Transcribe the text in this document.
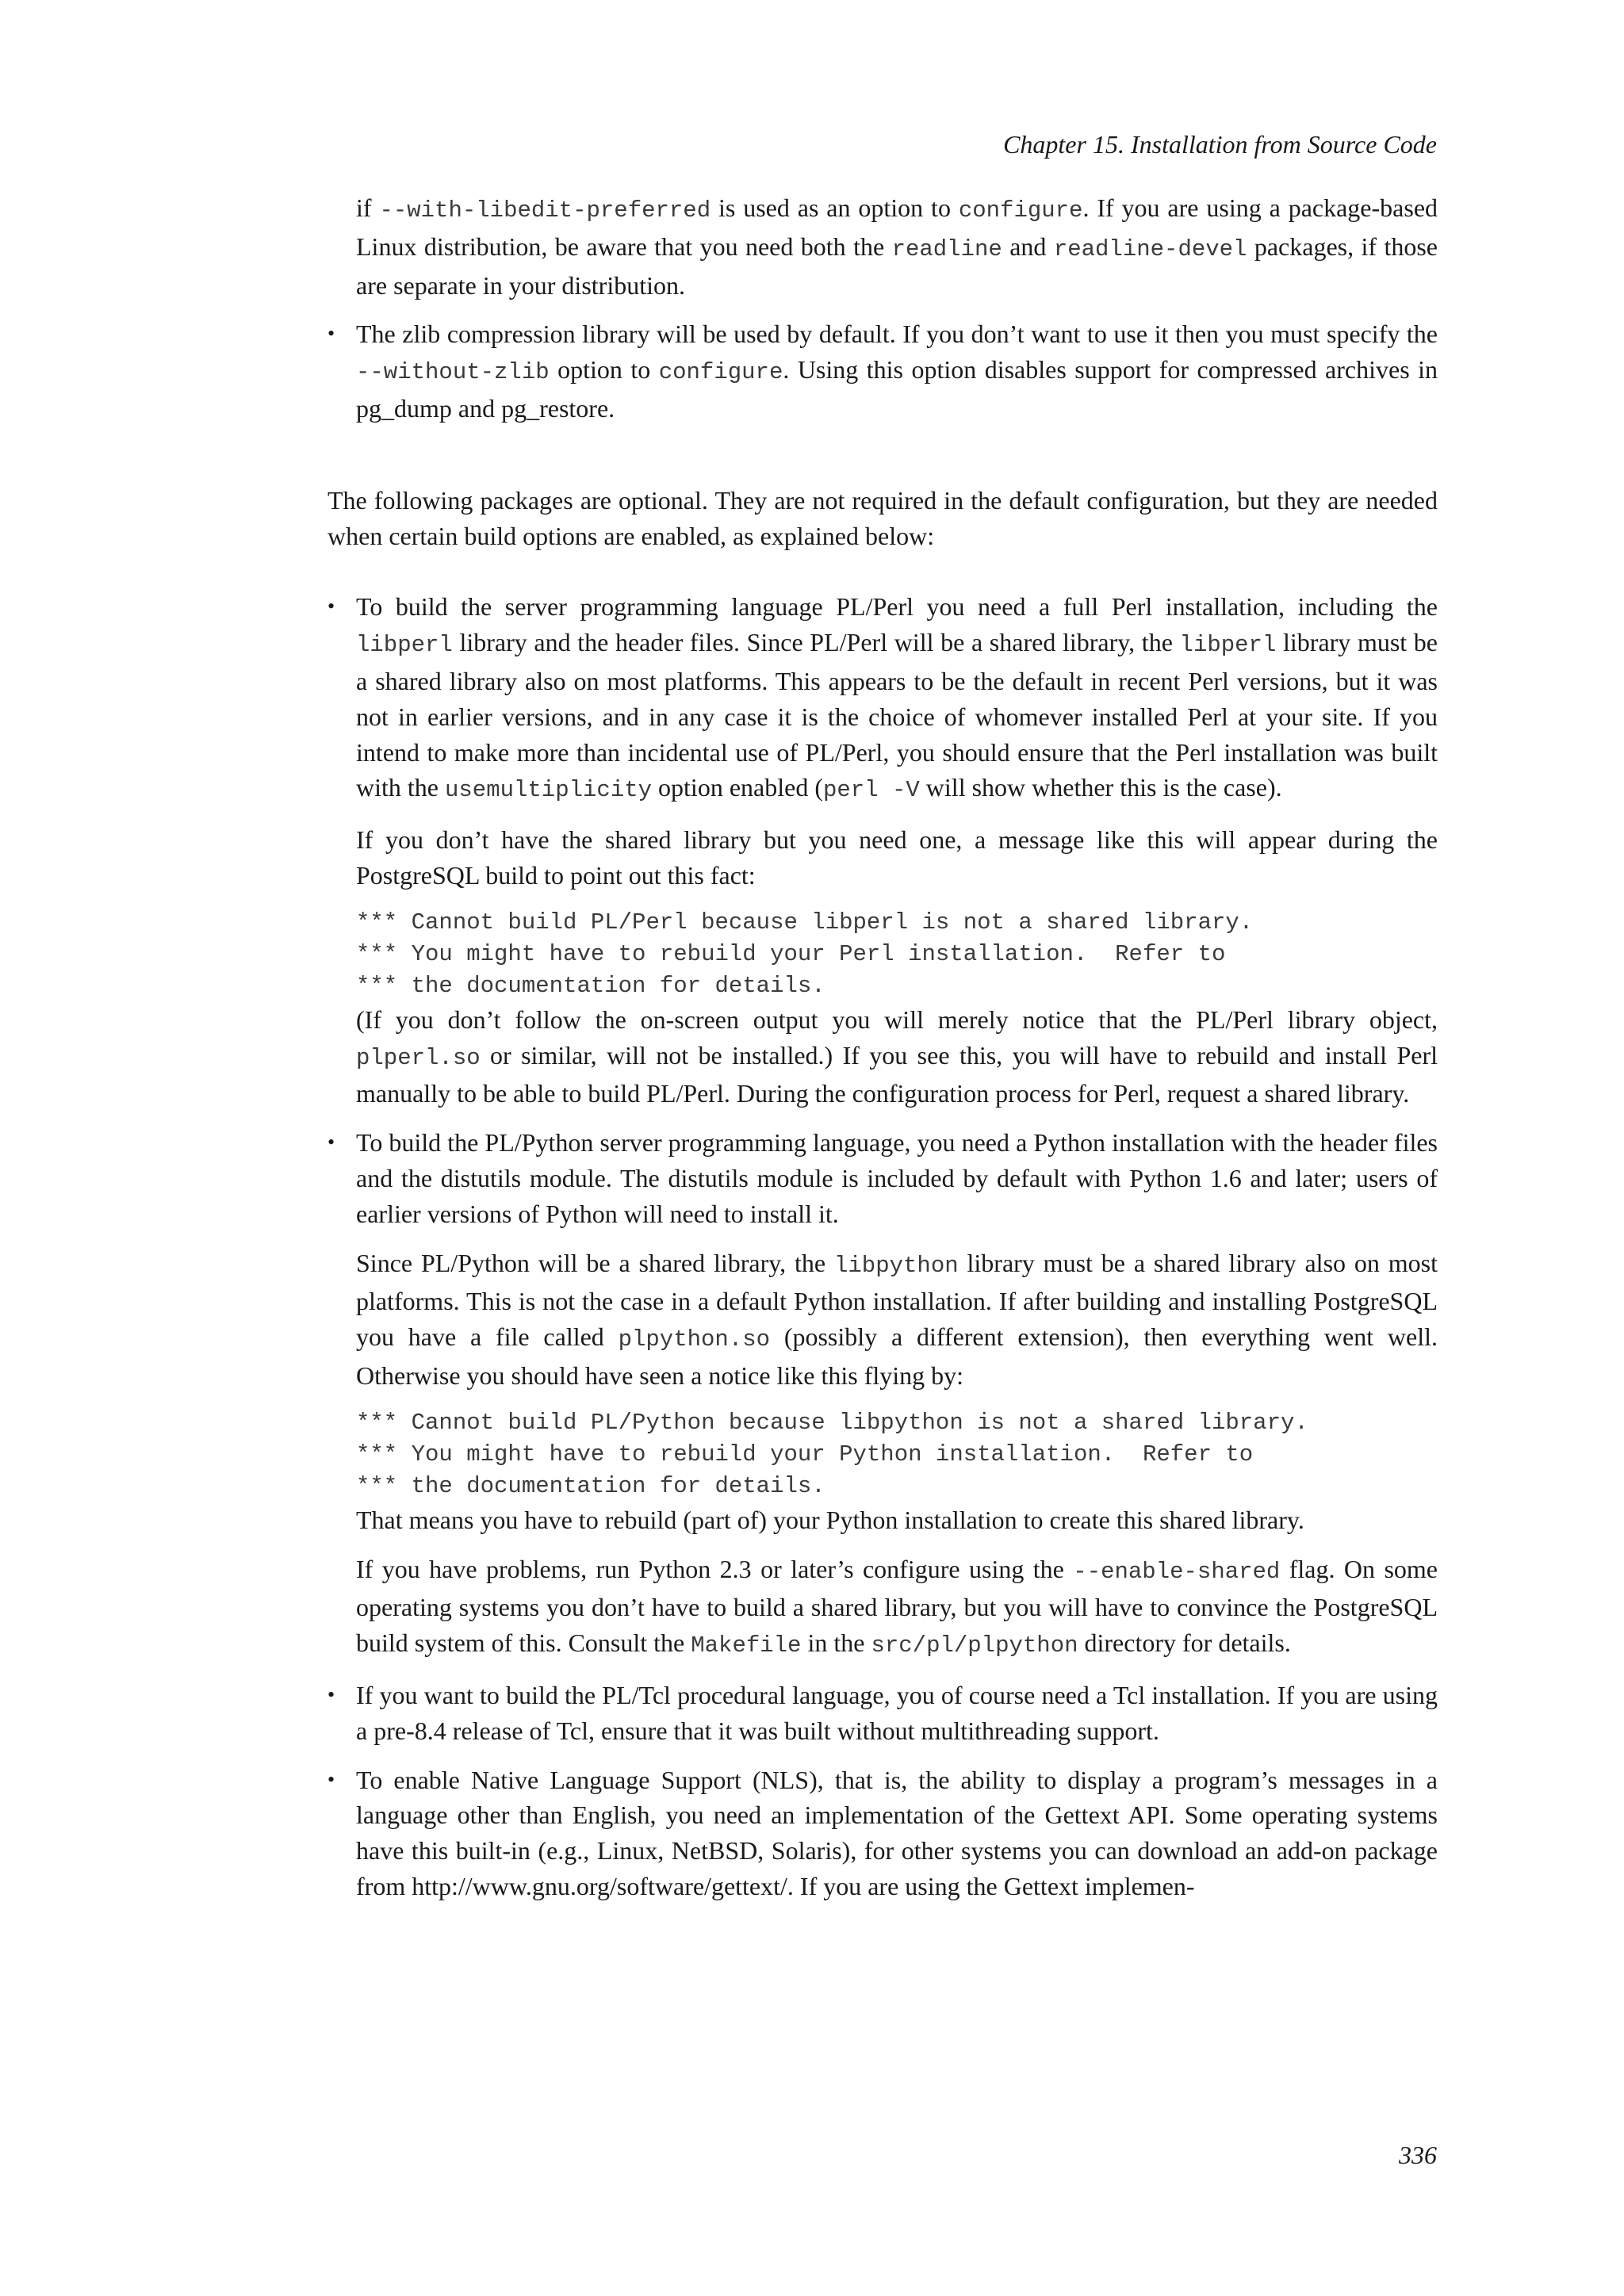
Chapter 15. Installation from Source Code

if --with-libedit-preferred is used as an option to configure. If you are using a package-based Linux distribution, be aware that you need both the readline and readline-devel packages, if those are separate in your distribution.

• The zlib compression library will be used by default. If you don’t want to use it then you must specify the --without-zlib option to configure. Using this option disables support for compressed archives in pg_dump and pg_restore.

The following packages are optional. They are not required in the default configuration, but they are needed when certain build options are enabled, as explained below:

• To build the server programming language PL/Perl you need a full Perl installation, including the libperl library and the header files. Since PL/Perl will be a shared library, the libperl library must be a shared library also on most platforms. This appears to be the default in recent Perl versions, but it was not in earlier versions, and in any case it is the choice of whomever installed Perl at your site. If you intend to make more than incidental use of PL/Perl, you should ensure that the Perl installation was built with the usemultiplicity option enabled (perl -V will show whether this is the case).

If you don’t have the shared library but you need one, a message like this will appear during the PostgreSQL build to point out this fact:

*** Cannot build PL/Perl because libperl is not a shared library.
*** You might have to rebuild your Perl installation.  Refer to
*** the documentation for details.

(If you don’t follow the on-screen output you will merely notice that the PL/Perl library object, plperl.so or similar, will not be installed.) If you see this, you will have to rebuild and install Perl manually to be able to build PL/Perl. During the configuration process for Perl, request a shared library.

• To build the PL/Python server programming language, you need a Python installation with the header files and the distutils module. The distutils module is included by default with Python 1.6 and later; users of earlier versions of Python will need to install it.

Since PL/Python will be a shared library, the libpython library must be a shared library also on most platforms. This is not the case in a default Python installation. If after building and installing PostgreSQL you have a file called plpython.so (possibly a different extension), then everything went well. Otherwise you should have seen a notice like this flying by:

*** Cannot build PL/Python because libpython is not a shared library.
*** You might have to rebuild your Python installation.  Refer to
*** the documentation for details.

That means you have to rebuild (part of) your Python installation to create this shared library.

If you have problems, run Python 2.3 or later’s configure using the --enable-shared flag. On some operating systems you don’t have to build a shared library, but you will have to convince the PostgreSQL build system of this. Consult the Makefile in the src/pl/plpython directory for details.

• If you want to build the PL/Tcl procedural language, you of course need a Tcl installation. If you are using a pre-8.4 release of Tcl, ensure that it was built without multithreading support.
• To enable Native Language Support (NLS), that is, the ability to display a program’s messages in a language other than English, you need an implementation of the Gettext API. Some operating systems have this built-in (e.g., Linux, NetBSD, Solaris), for other systems you can download an add-on package from http://www.gnu.org/software/gettext/. If you are using the Gettext implemen-
336
